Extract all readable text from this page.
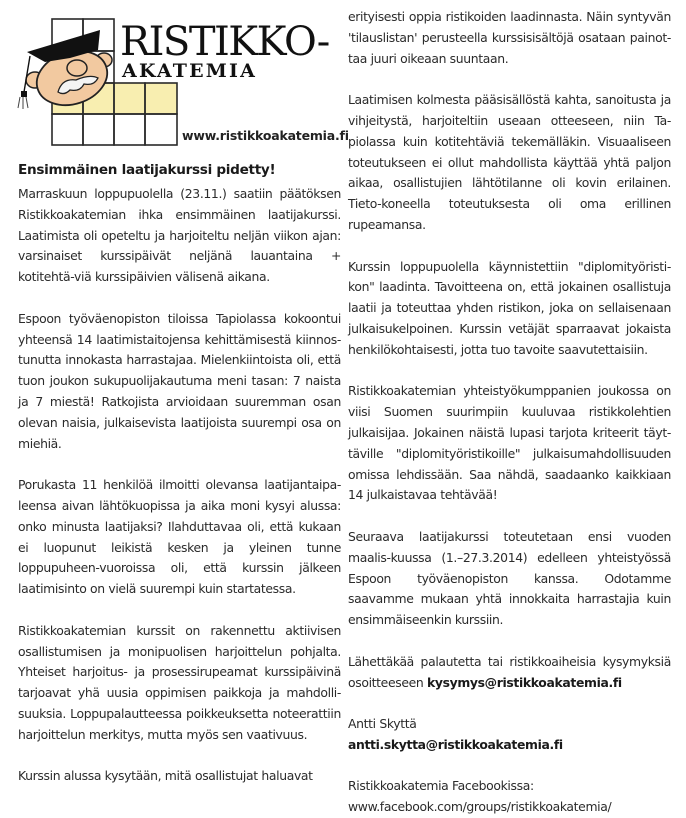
RISTIKKO-
AKATEMIA
www.ristikkoakatemia.fi
Ensimmäinen laatijakurssi pidetty!

Marraskuun loppupuolella (23.11.) saatiin päätöksen Ristikkoakatemian ihka ensimmäinen laatijakurssi. Laatimista oli opeteltu ja harjoiteltu neljän viikon ajan: varsinaiset kurssipäivät neljänä lauantaina + kotitehtä-viä kurssipäivien välisenä aikana.

Espoon työväenopiston tiloissa Tapiolassa kokoontui yhteensä 14 laatimistaitojensa kehittämisestä kiinnos-tunutta innokasta harrastajaa. Mielenkiintoista oli, että tuon joukon sukupuolijakautuma meni tasan: 7 naista ja 7 miestä! Ratkojista arvioidaan suuremman osan olevan naisia, julkaisevista laatijoista suurempi osa on miehiä.

Porukasta 11 henkilöä ilmoitti olevansa laatijantaipa-leensa aivan lähtökuopissa ja aika moni kysyi alussa: onko minusta laatijaksi? Ilahduttavaa oli, että kukaan ei luopunut leikistä kesken ja yleinen tunne loppupuheen-vuoroissa oli, että kurssin jälkeen laatimisinto on vielä suurempi kuin startatessa.

Ristikkoakatemian kurssit on rakennettu aktiivisen osallistumisen ja monipuolisen harjoittelun pohjalta. Yhteiset harjoitus- ja prosessirupeamat kurssipäivinä tarjoavat yhä uusia oppimisen paikkoja ja mahdolli-suuksia. Loppupalautteessa poikkeuksetta noteerattiin harjoittelun merkitys, mutta myös sen vaativuus.

Kurssin alussa kysytään, mitä osallistujat haluavat

erityisesti oppia ristikoiden laadinnasta. Näin syntyvän 'tilauslistan' perusteella kurssisisältöjä osataan painot-taa juuri oikeaan suuntaan.

Laatimisen kolmesta pääsisällöstä kahta, sanoitusta ja vihjeitystä, harjoiteltiin useaan otteeseen, niin Ta-piolassa kuin kotitehtäviä tekemälläkin. Visuaaliseen toteutukseen ei ollut mahdollista käyttää yhtä paljon aikaa, osallistujien lähtötilanne oli kovin erilainen. Tieto-koneella toteutuksesta oli oma erillinen rupeamansa.

Kurssin loppupuolella käynnistettiin "diplomityöristi-kon" laadinta. Tavoitteena on, että jokainen osallistuja laatii ja toteuttaa yhden ristikon, joka on sellaisenaan julkaisukelpoinen. Kurssin vetäjät sparraavat jokaista henkilökohtaisesti, jotta tuo tavoite saavutettaisiin.

Ristikkoakatemian yhteistyökumppanien joukossa on viisi Suomen suurimpiin kuuluvaa ristikkolehtien julkaisijaa. Jokainen näistä lupasi tarjota kriteerit täyt-täville "diplomityöristikoille" julkaisumahdollisuuden omissa lehdissään. Saa nähdä, saadaanko kaikkiaan 14 julkaistavaa tehtävää!

Seuraava laatijakurssi toteutetaan ensi vuoden maalis-kuussa (1.–27.3.2014) edelleen yhteistyössä Espoon työväenopiston kanssa. Odotamme saavamme mukaan yhtä innokkaita harrastajia kuin ensimmäiseenkin kurssiin.

Lähettäkää palautetta tai ristikkoaiheisia kysymyksiä osoitteeseen kysymys@ristikkoakatemia.fi

Antti Skyttä
antti.skytta@ristikkoakatemia.fi

Ristikkoakatemia Facebookissa:
www.facebook.com/groups/ristikkoakatemia/
